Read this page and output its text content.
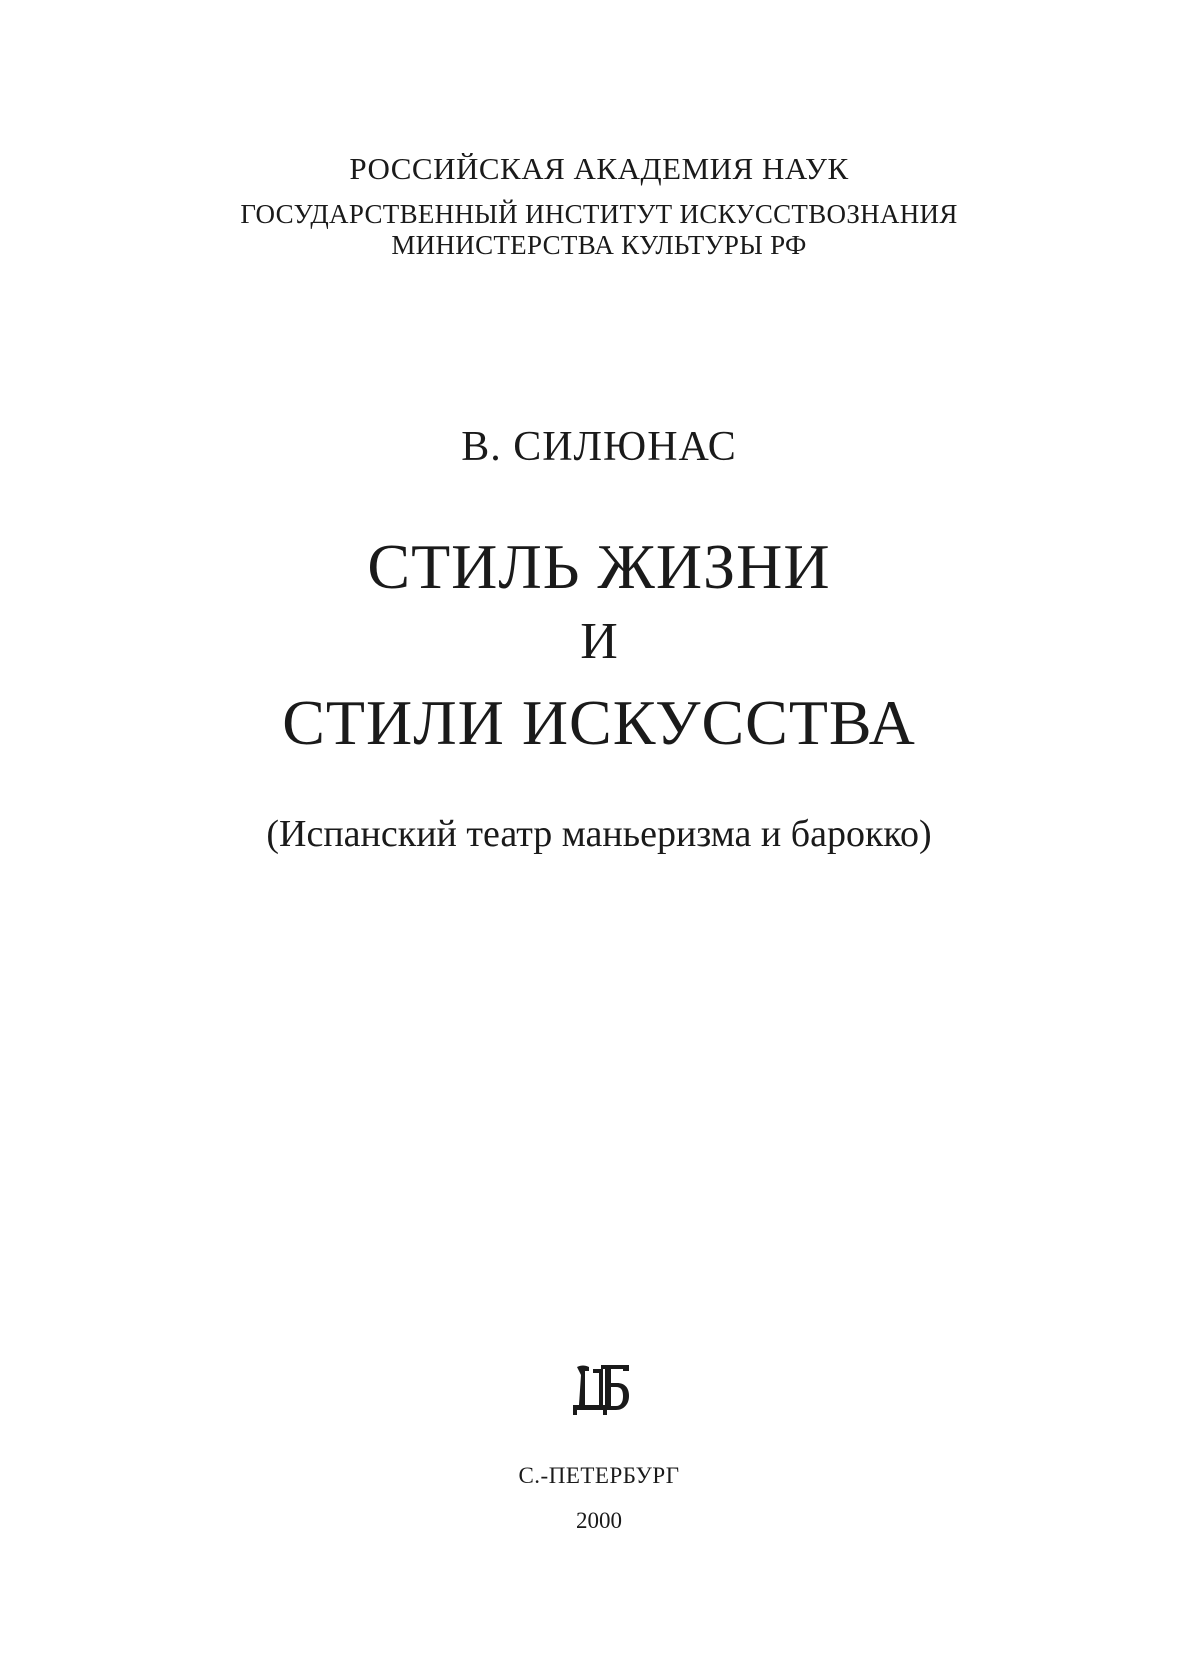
РОССИЙСКАЯ АКАДЕМИЯ НАУК
ГОСУДАРСТВЕННЫЙ ИНСТИТУТ ИСКУССТВОЗНАНИЯ
МИНИСТЕРСТВА КУЛЬТУРЫ РФ
В. СИЛЮНАС
СТИЛЬ ЖИЗНИ
И
СТИЛИ ИСКУССТВА
(Испанский театр маньеризма и барокко)
С.-ПЕТЕРБУРГ
2000
